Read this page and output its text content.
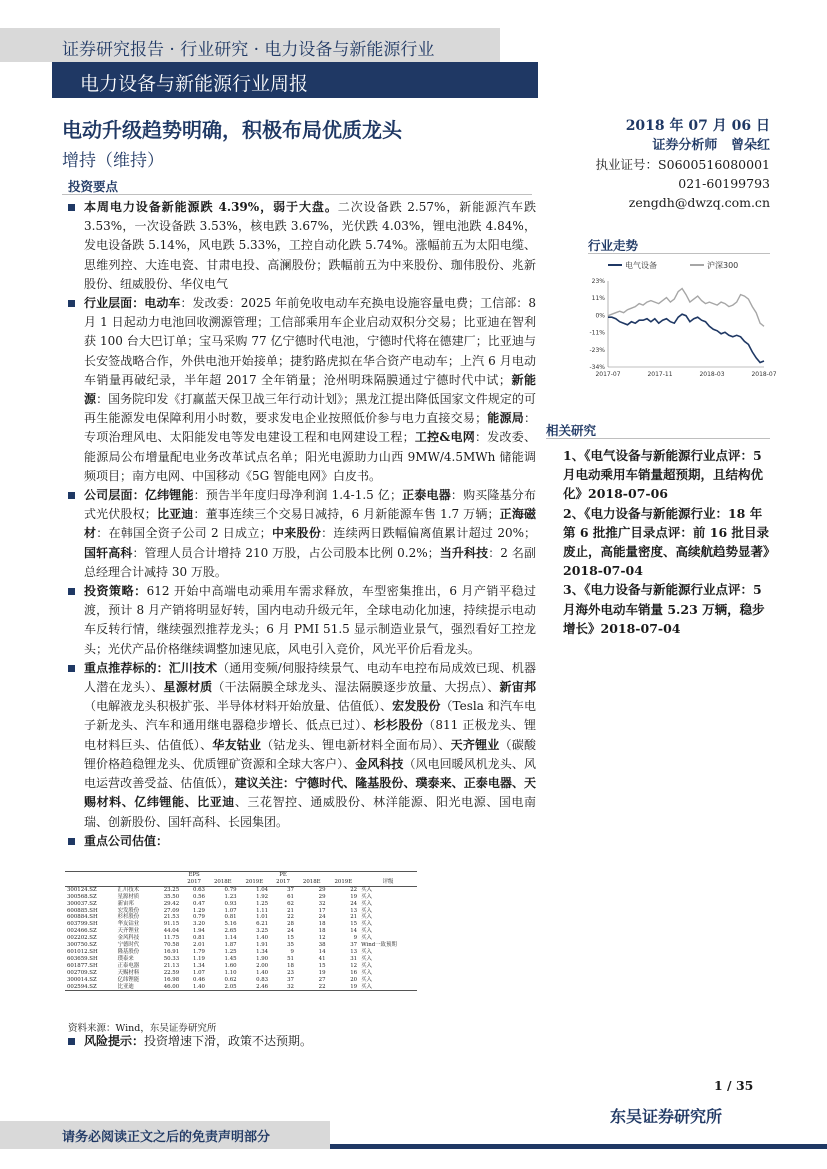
证券研究报告 · 行业研究 · 电力设备与新能源行业
电力设备与新能源行业周报
电动升级趋势明确，积极布局优质龙头
增持（维持）
2018 年 07 月 06 日
证券分析师 曾朵红
执业证号：S0600516080001
021-60199793
zengdh@dwzq.com.cn
投资要点
本周电力设备新能源跌 4.39%，弱于大盘。二次设备跌 2.57%，新能源汽车跌 3.53%，一次设备跌 3.53%，核电跌 3.67%，光伏跌 4.03%，锂电池跌 4.84%，发电设备跌 5.14%，风电跌 5.33%，工控自动化跌 5.74%。涨幅前五为太阳电缆、思维列控、大连电瓷、甘肃电投、高澜股份；跌幅前五为中来股份、珈伟股份、兆新股份、纽威股份、华仪电气
行业层面：电动车：发改委：2025 年前免收电动车充换电设施容量电费；工信部：8 月 1 日起动力电池回收溯源管理；工信部乘用车企业启动双积分交易；比亚迪在智利获 100 台大巴订单；宝马采购 77 亿宁德时代电池，宁德时代将在德建厂；比亚迪与长安签战略合作，外供电池开始接单；捷豹路虎拟在华合资产电动车；上汽 6 月电动车销量再破纪录，半年超 2017 全年销量；沧州明珠隔膜通过宁德时代中试；新能源：国务院印发《打赢蓝天保卫战三年行动计划》；黑龙江提出降低国家文件规定的可再生能源发电保障利用小时数，要求发电企业按照低价参与电力直接交易；能源局：专项治理风电、太阳能发电等发电建设工程和电网建设工程；工控&电网：发改委、能源局公布增量配电业务改革试点名单；阳光电源助力山西 9MW/4.5MWh 储能调频项目；南方电网、中国移动《5G 智能电网》白皮书。
公司层面：亿纬锂能：预告半年度归母净利润 1.4-1.5 亿；正泰电器：购买隆基分布式光伏股权；比亚迪：董事连续三个交易日减持，6 月新能源车售 1.7 万辆；正海磁材：在韩国全资子公司 2 日成立；中来股份：连续两日跌幅偏离值累计超过 20%；国轩高科：管理人员合计增持 210 万股，占公司股本比例 0.2%；当升科技：2 名副总经理合计减持 30 万股。
投资策略：612 开始中高端电动乘用车需求释放，车型密集推出，6 月产销平稳过渡，预计 8 月产销将明显好转，国内电动升级元年，全球电动化加速，持续提示电动车反转行情，继续强烈推荐龙头；6 月 PMI 51.5 显示制造业景气，强烈看好工控龙头；光伏产品价格继续调整加速见底，风电引入竞价，风光平价后看龙头。
重点推荐标的：汇川技术（通用变频/伺服持续景气、电动车电控布局成效已现、机器人潜在龙头）、星源材质（干法隔膜全球龙头、湿法隔膜逐步放量、大拐点）、新宙邦（电解液龙头积极扩张、半导体材料开始放量、估值低）、宏发股份（Tesla 和汽车电子新龙头、汽车和通用继电器稳步增长、低点已过）、杉杉股份（811 正极龙头、锂电材料巨头、估值低）、华友钴业（钴龙头、锂电新材料全面布局）、天齐锂业（碳酸锂价格趋稳锂龙头、优质锂矿资源和全球大客户）、金风科技（风电回暖风机龙头、风电运营改善受益、估值低），建议关注：宁德时代、隆基股份、璞泰来、正泰电器、天赐材料、亿纬锂能、比亚迪、三花智控、通威股份、林洋能源、阳光电源、国电南瑞、创新股份、国轩高科、长园集团。
重点公司估值：
			EPS			PE			
			2017	2018E	2019E	2017	2018E	2019E	评级
300124.SZ	汇川技术	23.25	0.63	0.79	1.04	37	29	22	买入
300568.SZ	星源材质	35.50	0.56	1.23	1.92	61	29	19	买入
300037.SZ	新宙邦	29.42	0.47	0.93	1.25	62	32	24	买入
600885.SH	宏发股份	27.09	1.29	1.07	1.11	21	17	13	买入
600884.SH	杉杉股份	21.53	0.79	0.81	1.01	22	24	21	买入
603799.SH	华友钴业	91.15	3.20	5.16	6.21	28	18	15	买入
002466.SZ	天齐锂业	44.04	1.94	2.65	3.25	24	18	14	买入
002202.SZ	金风科技	11.75	0.81	1.14	1.40	15	12	9	买入
300750.SZ	宁德时代	70.58	2.01	1.87	1.91	35	38	37	Wind一致预期
601012.SH	隆基股份	16.91	1.79	1.25	1.34	9	14	13	买入
603659.SH	璞泰来	50.33	1.19	1.45	1.90	51	41	31	买入
601877.SH	正泰电器	21.13	1.34	1.60	2.00	18	15	12	买入
002709.SZ	天赐材料	22.59	1.07	1.10	1.40	23	19	16	买入
300014.SZ	亿纬锂能	16.98	0.46	0.62	0.83	37	27	20	买入
002594.SZ	比亚迪	46.00	1.40	2.05	2.46	32	22	19	买入
资料来源：Wind，东吴证券研究所
风险提示：投资增速下滑，政策不达预期。
行业走势
23%
11%
0%
-11%
-23%
-34%
2017-07	2017-11	2018-03	2018-07
电气设备	沪深300
相关研究
1、《电气设备与新能源行业点评：5 月电动乘用车销量超预期，且结构优化》2018-07-06
2、《电力设备与新能源行业：18 年第 6 批推广目录点评：前 16 批目录废止，高能量密度、高续航趋势显著》2018-07-04
3、《电力设备与新能源行业点评：5 月海外电动车销量 5.23 万辆，稳步增长》2018-07-04
1 / 35
东吴证券研究所
请务必阅读正文之后的免责声明部分
